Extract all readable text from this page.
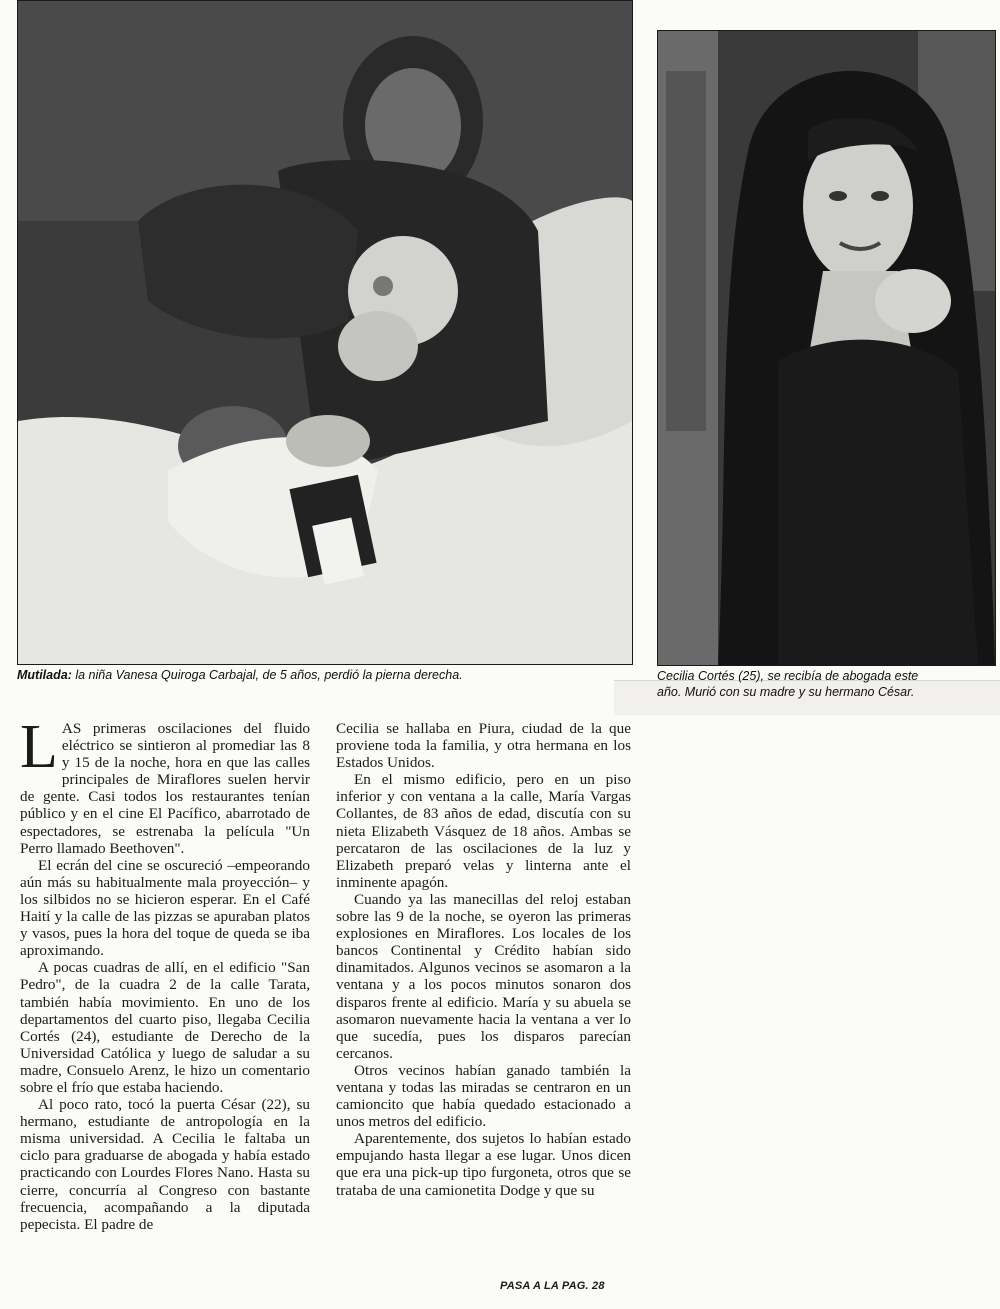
Mutilada: la niña Vanesa Quiroga Carbajal, de 5 años, perdió la pierna derecha.	Cecilia Cortés (25), se recibía de abogada este
año. Murió con su madre y su hermano César.

LAS primeras oscilaciones del fluido eléctrico se sintieron al promediar las 8 y 15 de la noche, hora en que las calles principales de Miraflores suelen hervir de gente. Casi todos los restaurantes tenían público y en el cine El Pacífico, abarrotado de espectadores, se estrenaba la película "Un Perro llamado Beethoven".

El ecrán del cine se oscureció –empeorando aún más su habitualmente mala proyección– y los silbidos no se hicieron esperar. En el Café Haití y la calle de las pizzas se apuraban platos y vasos, pues la hora del toque de queda se iba aproximando.

A pocas cuadras de allí, en el edificio "San Pedro", de la cuadra 2 de la calle Tarata, también había movimiento. En uno de los departamentos del cuarto piso, llegaba Cecilia Cortés (24), estudiante de Derecho de la Universidad Católica y luego de saludar a su madre, Consuelo Arenz, le hizo un comentario sobre el frío que estaba haciendo.

Al poco rato, tocó la puerta César (22), su hermano, estudiante de antropología en la misma universidad. A Cecilia le faltaba un ciclo para graduarse de abogada y había estado practicando con Lourdes Flores Nano. Hasta su cierre, concurría al Congreso con bastante frecuencia, acompañando a la diputada pepecista. El padre de

Cecilia se hallaba en Piura, ciudad de la que proviene toda la familia, y otra hermana en los Estados Unidos.

En el mismo edificio, pero en un piso inferior y con ventana a la calle, María Vargas Collantes, de 83 años de edad, discutía con su nieta Elizabeth Vásquez de 18 años. Ambas se percataron de las oscilaciones de la luz y Elizabeth preparó velas y linterna ante el inminente apagón.

Cuando ya las manecillas del reloj estaban sobre las 9 de la noche, se oyeron las primeras explosiones en Miraflores. Los locales de los bancos Continental y Crédito habían sido dinamitados. Algunos vecinos se asomaron a la ventana y a los pocos minutos sonaron dos disparos frente al edificio. María y su abuela se asomaron nuevamente hacia la ventana a ver lo que sucedía, pues los disparos parecían cercanos.

Otros vecinos habían ganado también la ventana y todas las miradas se centraron en un camioncito que había quedado estacionado a unos metros del edificio.

Aparentemente, dos sujetos lo habían estado empujando hasta llegar a ese lugar. Unos dicen que era una pick-up tipo furgoneta, otros que se trataba de una camionetita Dodge y que su

PASA A LA PAG. 28
